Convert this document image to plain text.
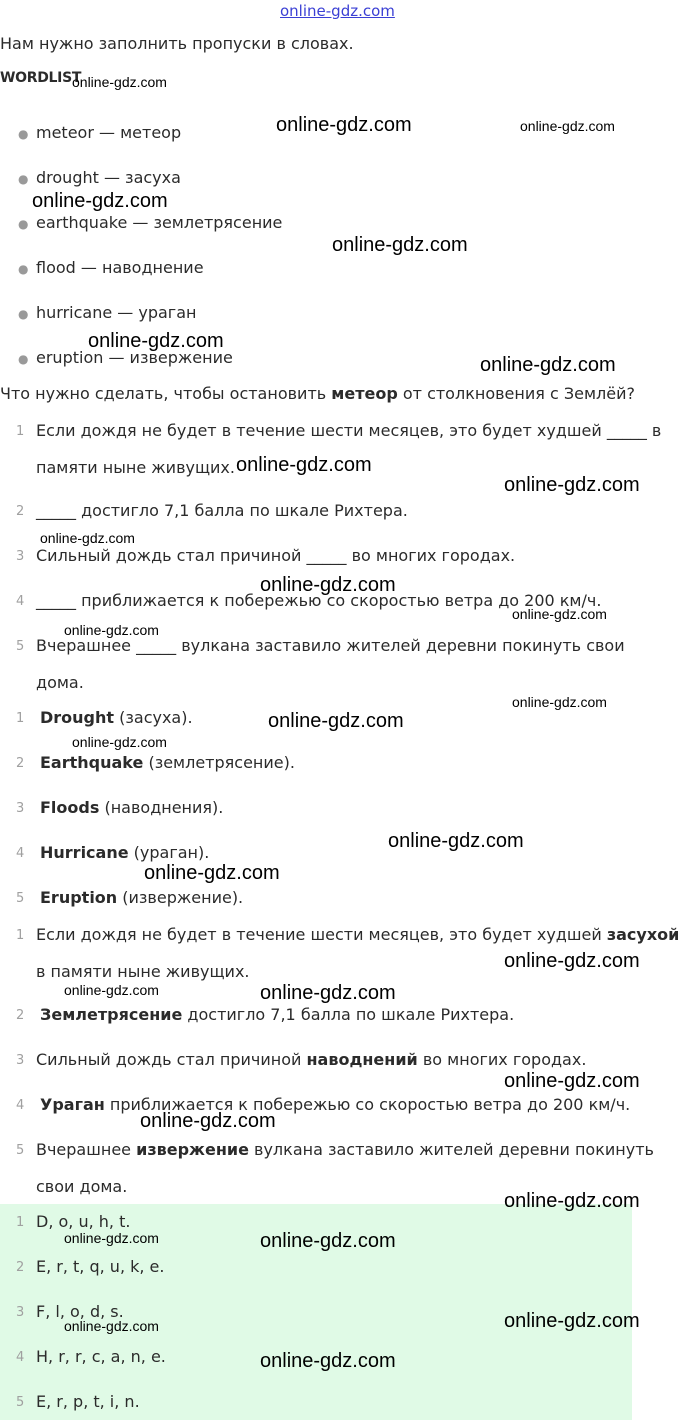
online-gdz.com
Нам нужно заполнить пропуски в словах.
WORDLIST
● meteor — метеор
● drought — засуха
● earthquake — землетрясение
● flood — наводнение
● hurricane — ураган
● eruption — извержение
Что нужно сделать, чтобы остановить метеор от столкновения с Землёй?
1 Если дождя не будет в течение шести месяцев, это будет худшей _____ в
памяти ныне живущих.
2 _____ достигло 7,1 балла по шкале Рихтера.
3 Сильный дождь стал причиной _____ во многих городах.
4 _____ приближается к побережью со скоростью ветра до 200 км/ч.
5 Вчерашнее _____ вулкана заставило жителей деревни покинуть свои
дома.
1 Drought (засуха).
2 Earthquake (землетрясение).
3 Floods (наводнения).
4 Hurricane (ураган).
5 Eruption (извержение).
1 Если дождя не будет в течение шести месяцев, это будет худшей засухой
в памяти ныне живущих.
2 Землетрясение достигло 7,1 балла по шкале Рихтера.
3 Сильный дождь стал причиной наводнений во многих городах.
4 Ураган приближается к побережью со скоростью ветра до 200 км/ч.
5 Вчерашнее извержение вулкана заставило жителей деревни покинуть
свои дома.
1 D, o, u, h, t.
2 E, r, t, q, u, k, e.
3 F, l, o, d, s.
4 H, r, r, c, a, n, e.
5 E, r, p, t, i, n.
online-gdz.com
online-gdz.com	online-gdz.com
online-gdz.com
online-gdz.com
online-gdz.com
online-gdz.com
online-gdz.com
online-gdz.com
online-gdz.com
online-gdz.com
online-gdz.com
online-gdz.com
online-gdz.com
online-gdz.com
online-gdz.com
online-gdz.com
online-gdz.com
online-gdz.com
online-gdz.com	online-gdz.com
online-gdz.com
online-gdz.com
online-gdz.com
online-gdz.com	online-gdz.com
online-gdz.com
online-gdz.com
online-gdz.com
